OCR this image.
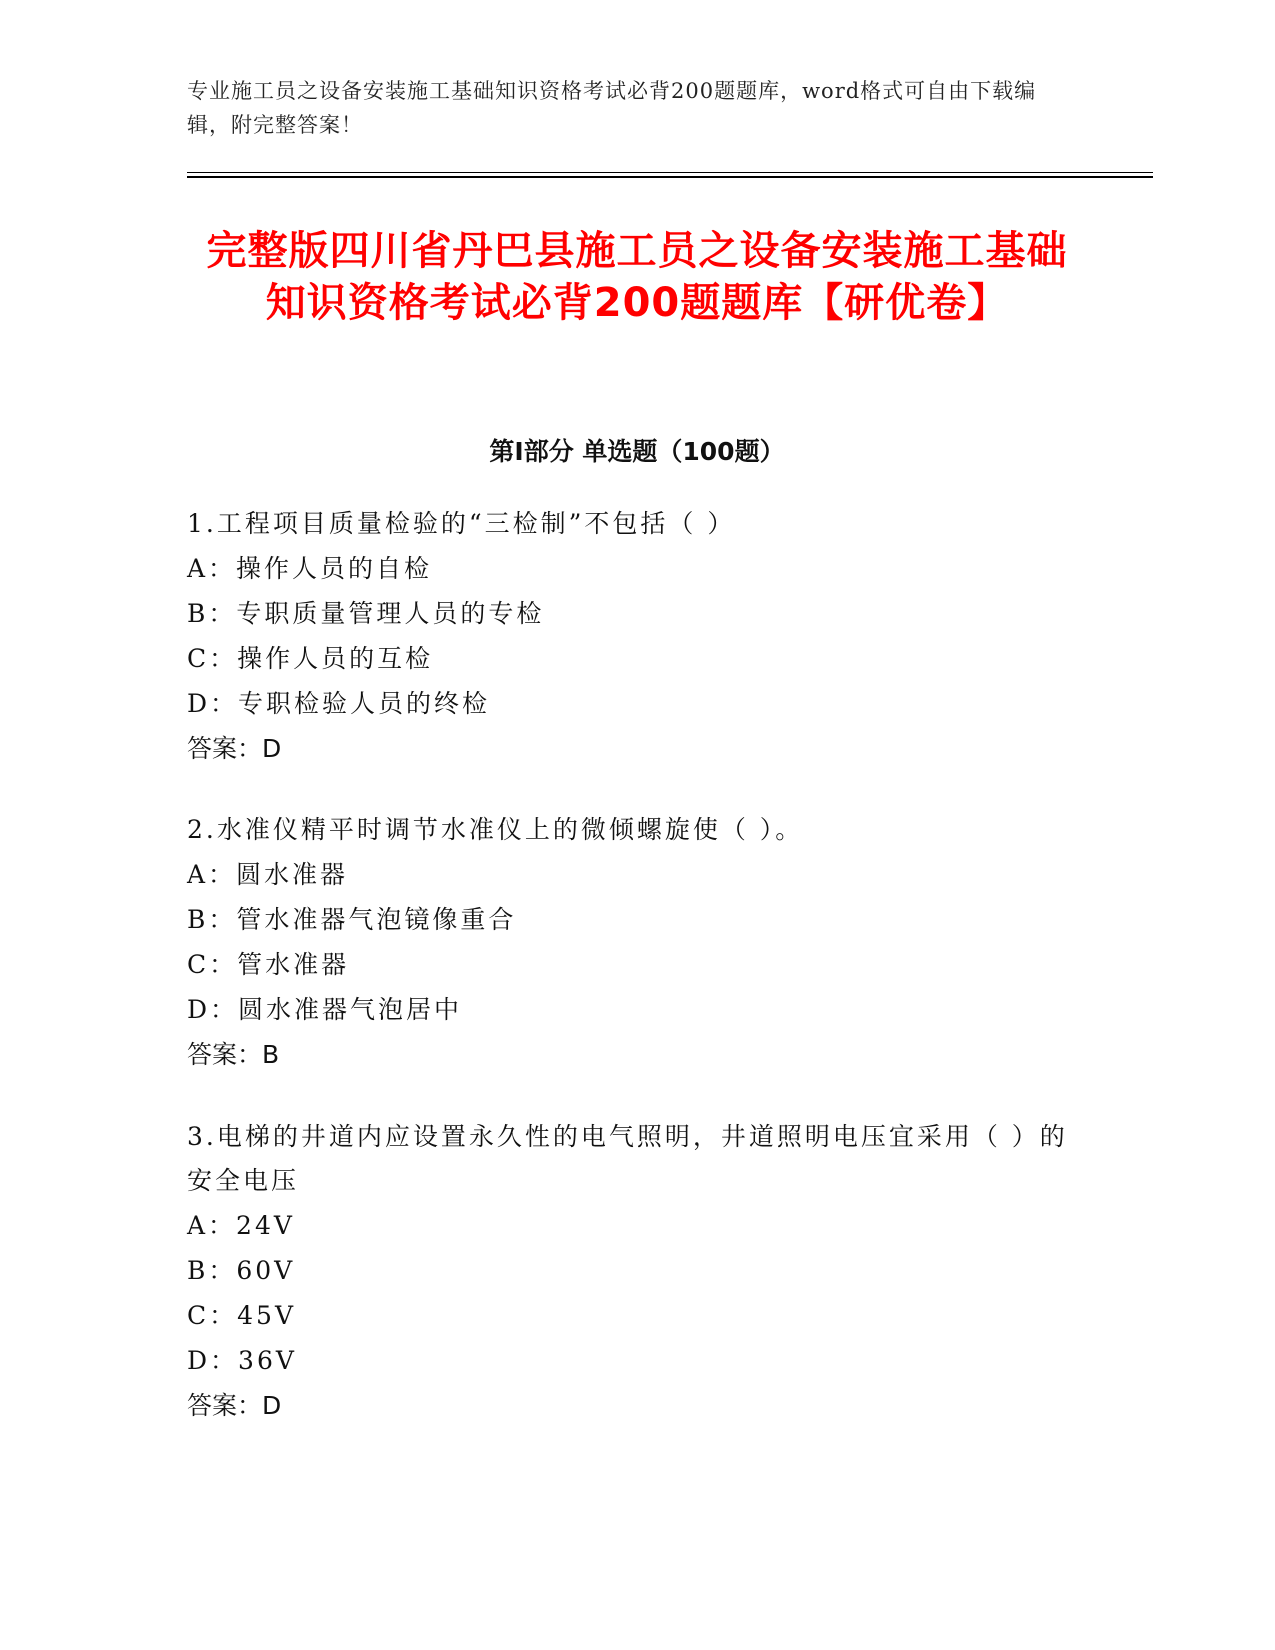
专业施工员之设备安装施工基础知识资格考试必背200题题库，word格式可自由下载编辑，附完整答案！
完整版四川省丹巴县施工员之设备安装施工基础知识资格考试必背200题题库【研优卷】
第I部分 单选题（100题）

1.工程项目质量检验的“三检制”不包括（ ）

A：操作人员的自检

B：专职质量管理人员的专检

C：操作人员的互检

D：专职检验人员的终检

答案：D

2.水准仪精平时调节水准仪上的微倾螺旋使（ ）。

A：圆水准器

B：管水准器气泡镜像重合

C：管水准器

D：圆水准器气泡居中

答案：B

3.电梯的井道内应设置永久性的电气照明，井道照明电压宜采用（ ）的安全电压

A：24V

B：60V

C：45V

D：36V

答案：D
